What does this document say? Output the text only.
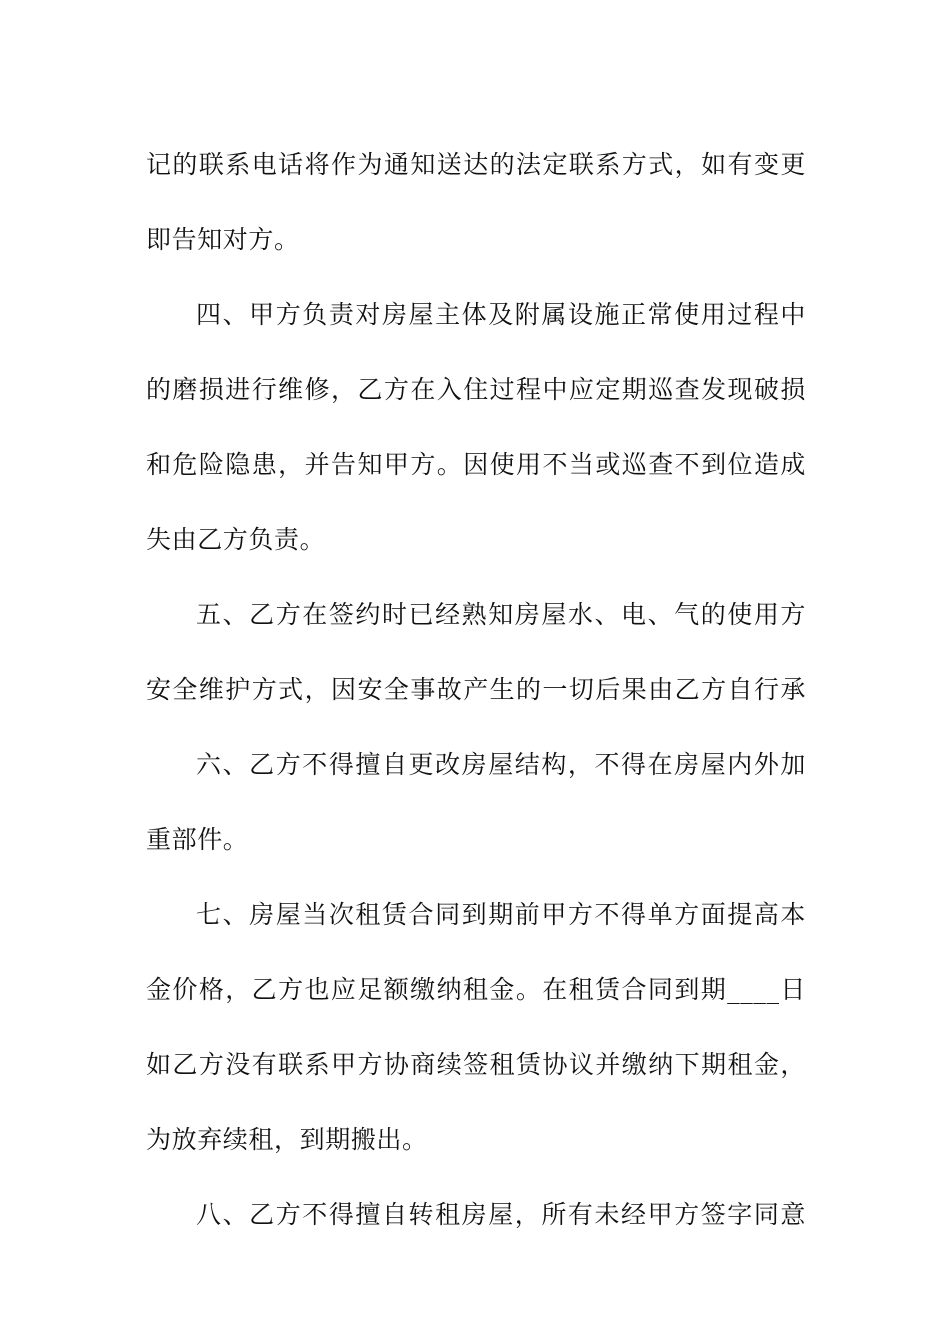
记的联系电话将作为通知送达的法定联系方式，如有变更
即告知对方。
四、甲方负责对房屋主体及附属设施正常使用过程中
的磨损进行维修，乙方在入住过程中应定期巡查发现破损
和危险隐患，并告知甲方。因使用不当或巡查不到位造成
失由乙方负责。
五、乙方在签约时已经熟知房屋水、电、气的使用方
安全维护方式，因安全事故产生的一切后果由乙方自行承
六、乙方不得擅自更改房屋结构，不得在房屋内外加
重部件。
七、房屋当次租赁合同到期前甲方不得单方面提高本
金价格，乙方也应足额缴纳租金。在租赁合同到期____日
如乙方没有联系甲方协商续签租赁协议并缴纳下期租金，
为放弃续租，到期搬出。
八、乙方不得擅自转租房屋，所有未经甲方签字同意
